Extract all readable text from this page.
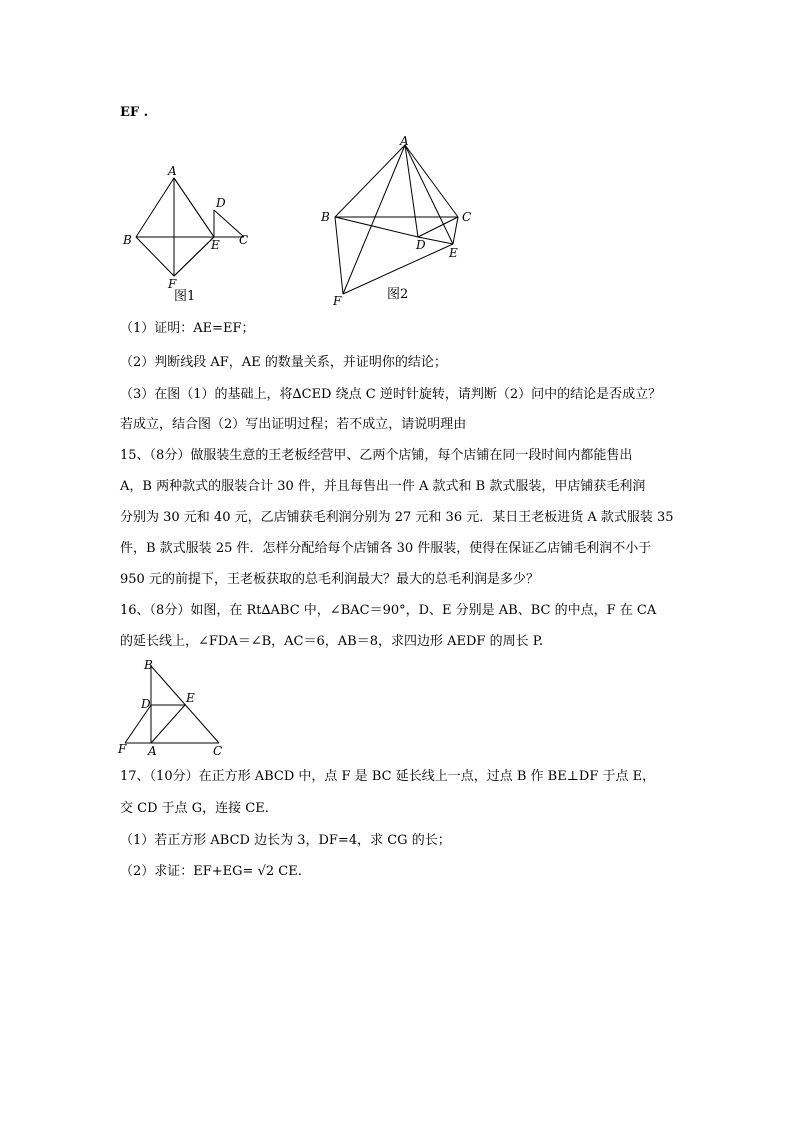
EF .
A
B	C
D
E
F
图1
A
B	C
D
E
F	图2
（1）证明：AE=EF；
（2）判断线段 AF，AE 的数量关系，并证明你的结论；
（3）在图（1）的基础上，将∆CED 绕点 C 逆时针旋转，请判断（2）问中的结论是否成立？
若成立，结合图（2）写出证明过程；若不成立，请说明理由
15、（8分）做服装生意的王老板经营甲、乙两个店铺，每个店铺在同一段时间内都能售出
A，B 两种款式的服装合计 30 件，并且每售出一件 A 款式和 B 款式服装，甲店铺获毛利润
分别为 30 元和 40 元，乙店铺获毛利润分别为 27 元和 36 元．某日王老板进货 A 款式服装 35
件，B 款式服装 25 件．怎样分配给每个店铺各 30 件服装，使得在保证乙店铺毛利润不小于
950 元的前提下，王老板获取的总毛利润最大？最大的总毛利润是多少？
16、（8分）如图，在 Rt∆ABC 中，∠BAC＝90°，D、E 分别是 AB、BC 的中点，F 在 CA
的延长线上，∠FDA＝∠B，AC＝6，AB＝8，求四边形 AEDF 的周长 P.
B
D	E
F A	C
17、（10分）在正方形 ABCD 中，点 F 是 BC 延长线上一点，过点 B 作 BE⊥DF 于点 E，
交 CD 于点 G，连接 CE.
（1）若正方形 ABCD 边长为 3，DF=4，求 CG 的长；
（2）求证：EF+EG= √2 CE.
